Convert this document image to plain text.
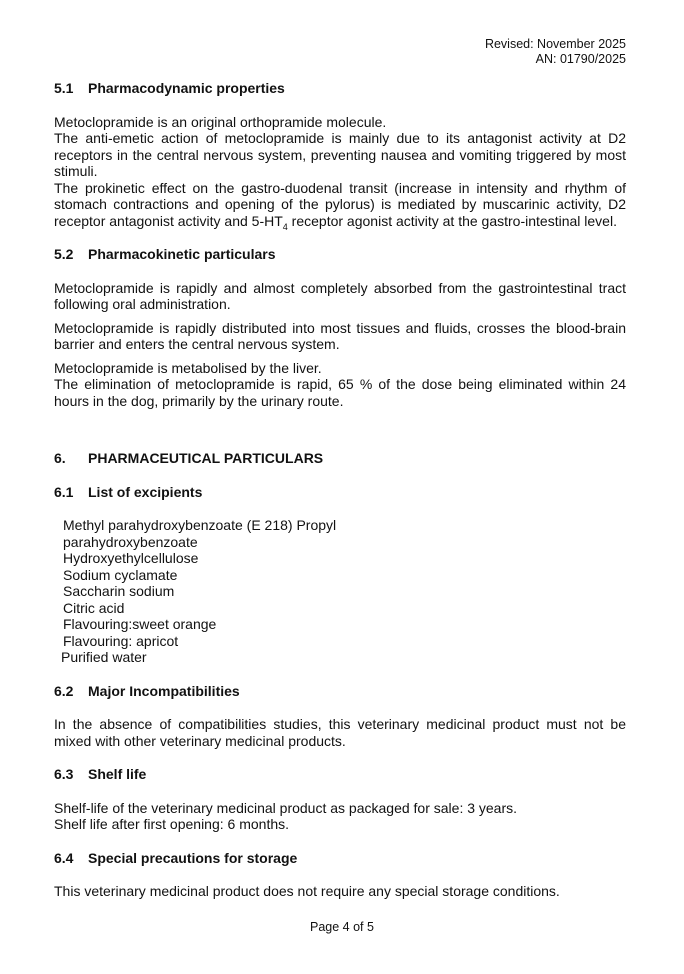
Revised: November 2025
AN: 01790/2025
5.1	Pharmacodynamic properties

Metoclopramide is an original orthopramide molecule.

The anti-emetic action of metoclopramide is mainly due to its antagonist activity at D2 receptors in the central nervous system, preventing nausea and vomiting triggered by most stimuli.

The prokinetic effect on the gastro-duodenal transit (increase in intensity and rhythm of stomach contractions and opening of the pylorus) is mediated by muscarinic activity, D2 receptor antagonist activity and $5-HT_4$ receptor agonist activity at the gastro-intestinal level.

5.2	Pharmacokinetic particulars

Metoclopramide is rapidly and almost completely absorbed from the gastrointestinal tract following oral administration.

Metoclopramide is rapidly distributed into most tissues and fluids, crosses the blood-brain barrier and enters the central nervous system.

Metoclopramide is metabolised by the liver.

The elimination of metoclopramide is rapid, 65 % of the dose being eliminated within 24 hours in the dog, primarily by the urinary route.

6.	PHARMACEUTICAL PARTICULARS
6.1	List of excipients
Methyl parahydroxybenzoate (E 218) Propyl
parahydroxybenzoate
Hydroxyethylcellulose
Sodium cyclamate
Saccharin sodium
Citric acid
Flavouring:sweet orange
Flavouring: apricot
Purified water
6.2	Major Incompatibilities

In the absence of compatibilities studies, this veterinary medicinal product must not be mixed with other veterinary medicinal products.

6.3	Shelf life

Shelf-life of the veterinary medicinal product as packaged for sale: 3 years.

Shelf life after first opening: 6 months.

6.4	Special precautions for storage

This veterinary medicinal product does not require any special storage conditions.

Page 4 of 5
